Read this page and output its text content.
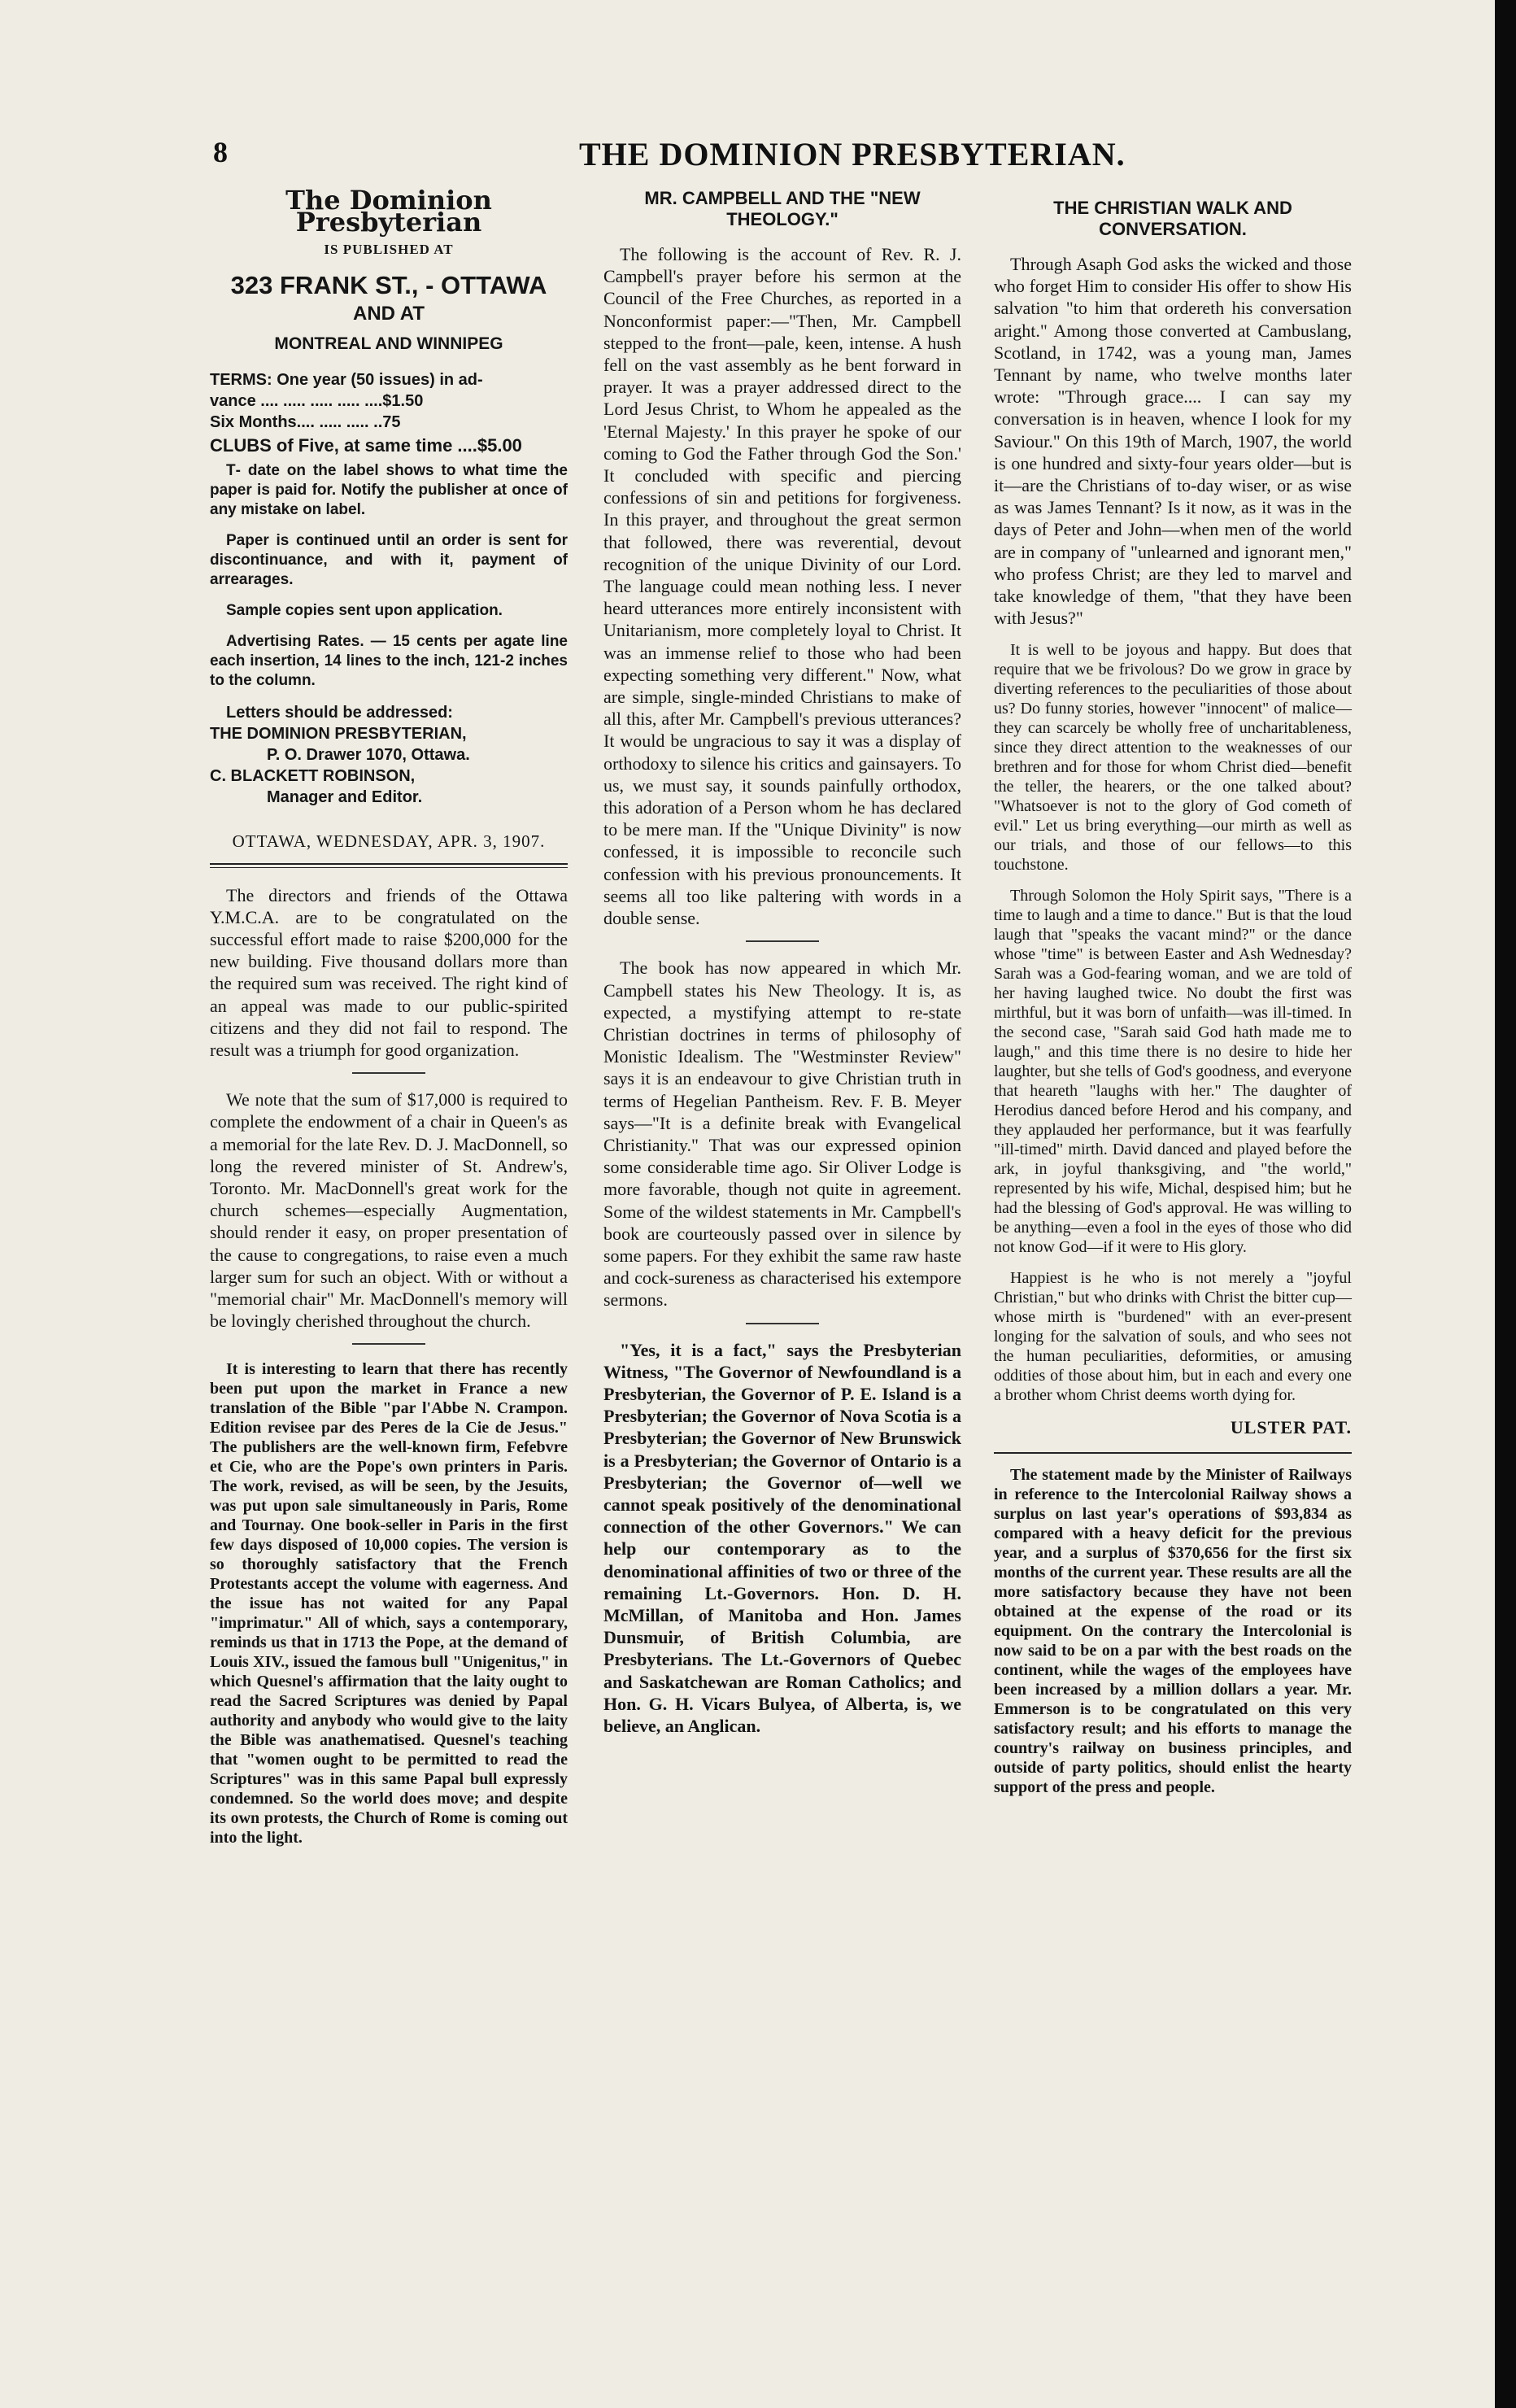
8	THE DOMINION PRESBYTERIAN.
The Dominion Presbyterian
IS PUBLISHED AT
323 FRANK ST., - OTTAWA
AND AT
MONTREAL AND WINNIPEG
TERMS: One year (50 issues) in ad-
vance .... ..... ..... ..... ....$1.50
Six Months.... ..... ..... ..75
CLUBS of Five, at same time ....$5.00

T‑ date on the label shows to what time the paper is paid for. Notify the publisher at once of any mistake on label.

Paper is continued until an order is sent for discontinuance, and with it, payment of arrearages.

Sample copies sent upon application.

Advertising Rates. — 15 cents per agate line each insertion, 14 lines to the inch, 121-2 inches to the column.

Letters should be addressed:
THE DOMINION PRESBYTERIAN,
P. O. Drawer 1070, Ottawa.
C. BLACKETT ROBINSON,
Manager and Editor.
OTTAWA, WEDNESDAY, APR. 3, 1907.

The directors and friends of the Ottawa Y.M.C.A. are to be congratulated on the successful effort made to raise $200,000 for the new building. Five thousand dollars more than the required sum was received. The right kind of an appeal was made to our public-spirited citizens and they did not fail to respond. The result was a triumph for good organization.

We note that the sum of $17,000 is required to complete the endowment of a chair in Queen's as a memorial for the late Rev. D. J. MacDonnell, so long the revered minister of St. Andrew's, Toronto. Mr. MacDonnell's great work for the church schemes—especially Augmentation, should render it easy, on proper presentation of the cause to congregations, to raise even a much larger sum for such an object. With or without a "memorial chair" Mr. MacDonnell's memory will be lovingly cherished throughout the church.

It is interesting to learn that there has recently been put upon the market in France a new translation of the Bible "par l'Abbe N. Crampon. Edition revisee par des Peres de la Cie de Jesus." The publishers are the well-known firm, Fefebvre et Cie, who are the Pope's own printers in Paris. The work, revised, as will be seen, by the Jesuits, was put upon sale simultaneously in Paris, Rome and Tournay. One book-seller in Paris in the first few days disposed of 10,000 copies. The version is so thoroughly satisfactory that the French Protestants accept the volume with eagerness. And the issue has not waited for any Papal "imprimatur." All of which, says a contemporary, reminds us that in 1713 the Pope, at the demand of Louis XIV., issued the famous bull "Unigenitus," in which Quesnel's affirmation that the laity ought to read the Sacred Scriptures was denied by Papal authority and anybody who would give to the laity the Bible was anathematised. Quesnel's teaching that "women ought to be permitted to read the Scriptures" was in this same Papal bull expressly condemned. So the world does move; and despite its own protests, the Church of Rome is coming out into the light.

MR. CAMPBELL AND THE "NEW THEOLOGY."

The following is the account of Rev. R. J. Campbell's prayer before his sermon at the Council of the Free Churches, as reported in a Nonconformist paper:—"Then, Mr. Campbell stepped to the front—pale, keen, intense. A hush fell on the vast assembly as he bent forward in prayer. It was a prayer addressed direct to the Lord Jesus Christ, to Whom he appealed as the 'Eternal Majesty.' In this prayer he spoke of our coming to God the Father through God the Son.' It concluded with specific and piercing confessions of sin and petitions for forgiveness. In this prayer, and throughout the great sermon that followed, there was reverential, devout recognition of the unique Divinity of our Lord. The language could mean nothing less. I never heard utterances more entirely inconsistent with Unitarianism, more completely loyal to Christ. It was an immense relief to those who had been expecting something very different." Now, what are simple, single-minded Christians to make of all this, after Mr. Campbell's previous utterances? It would be ungracious to say it was a display of orthodoxy to silence his critics and gainsayers. To us, we must say, it sounds painfully orthodox, this adoration of a Person whom he has declared to be mere man. If the "Unique Divinity" is now confessed, it is impossible to reconcile such confession with his previous pronouncements. It seems all too like paltering with words in a double sense.

The book has now appeared in which Mr. Campbell states his New Theology. It is, as expected, a mystifying attempt to re-state Christian doctrines in terms of philosophy of Monistic Idealism. The "Westminster Review" says it is an endeavour to give Christian truth in terms of Hegelian Pantheism. Rev. F. B. Meyer says—"It is a definite break with Evangelical Christianity." That was our expressed opinion some considerable time ago. Sir Oliver Lodge is more favorable, though not quite in agreement. Some of the wildest statements in Mr. Campbell's book are courteously passed over in silence by some papers. For they exhibit the same raw haste and cock-sureness as characterised his extempore sermons.

"Yes, it is a fact," says the Presbyterian Witness, "The Governor of Newfoundland is a Presbyterian, the Governor of P. E. Island is a Presbyterian; the Governor of Nova Scotia is a Presbyterian; the Governor of New Brunswick is a Presbyterian; the Governor of Ontario is a Presbyterian; the Governor of—well we cannot speak positively of the denominational connection of the other Governors." We can help our contemporary as to the denominational affinities of two or three of the remaining Lt.-Governors. Hon. D. H. McMillan, of Manitoba and Hon. James Dunsmuir, of British Columbia, are Presbyterians. The Lt.-Governors of Quebec and Saskatchewan are Roman Catholics; and Hon. G. H. Vicars Bulyea, of Alberta, is, we believe, an Anglican.

THE CHRISTIAN WALK AND CONVERSATION.

Through Asaph God asks the wicked and those who forget Him to consider His offer to show His salvation "to him that ordereth his conversation aright." Among those converted at Cambuslang, Scotland, in 1742, was a young man, James Tennant by name, who twelve months later wrote: "Through grace.... I can say my conversation is in heaven, whence I look for my Saviour." On this 19th of March, 1907, the world is one hundred and sixty-four years older—but is it—are the Christians of to-day wiser, or as wise as was James Tennant? Is it now, as it was in the days of Peter and John—when men of the world are in company of "unlearned and ignorant men," who profess Christ; are they led to marvel and take knowledge of them, "that they have been with Jesus?"

It is well to be joyous and happy. But does that require that we be frivolous? Do we grow in grace by diverting references to the peculiarities of those about us? Do funny stories, however "innocent" of malice—they can scarcely be wholly free of uncharitableness, since they direct attention to the weaknesses of our brethren and for those for whom Christ died—benefit the teller, the hearers, or the one talked about? "Whatsoever is not to the glory of God cometh of evil." Let us bring everything—our mirth as well as our trials, and those of our fellows—to this touchstone.

Through Solomon the Holy Spirit says, "There is a time to laugh and a time to dance." But is that the loud laugh that "speaks the vacant mind?" or the dance whose "time" is between Easter and Ash Wednesday? Sarah was a God-fearing woman, and we are told of her having laughed twice. No doubt the first was mirthful, but it was born of unfaith—was ill-timed. In the second case, "Sarah said God hath made me to laugh," and this time there is no desire to hide her laughter, but she tells of God's goodness, and everyone that heareth "laughs with her." The daughter of Herodius danced before Herod and his company, and they applauded her performance, but it was fearfully "ill-timed" mirth. David danced and played before the ark, in joyful thanksgiving, and "the world," represented by his wife, Michal, despised him; but he had the blessing of God's approval. He was willing to be anything—even a fool in the eyes of those who did not know God—if it were to His glory.

Happiest is he who is not merely a "joyful Christian," but who drinks with Christ the bitter cup— whose mirth is "burdened" with an ever-present longing for the salvation of souls, and who sees not the human peculiarities, deformities, or amusing oddities of those about him, but in each and every one a brother whom Christ deems worth dying for.

ULSTER PAT.

The statement made by the Minister of Railways in reference to the Intercolonial Railway shows a surplus on last year's operations of $93,834 as compared with a heavy deficit for the previous year, and a surplus of $370,656 for the first six months of the current year. These results are all the more satisfactory because they have not been obtained at the expense of the road or its equipment. On the contrary the Intercolonial is now said to be on a par with the best roads on the continent, while the wages of the employees have been increased by a million dollars a year. Mr. Emmerson is to be congratulated on this very satisfactory result; and his efforts to manage the country's railway on business principles, and outside of party politics, should enlist the hearty support of the press and people.
